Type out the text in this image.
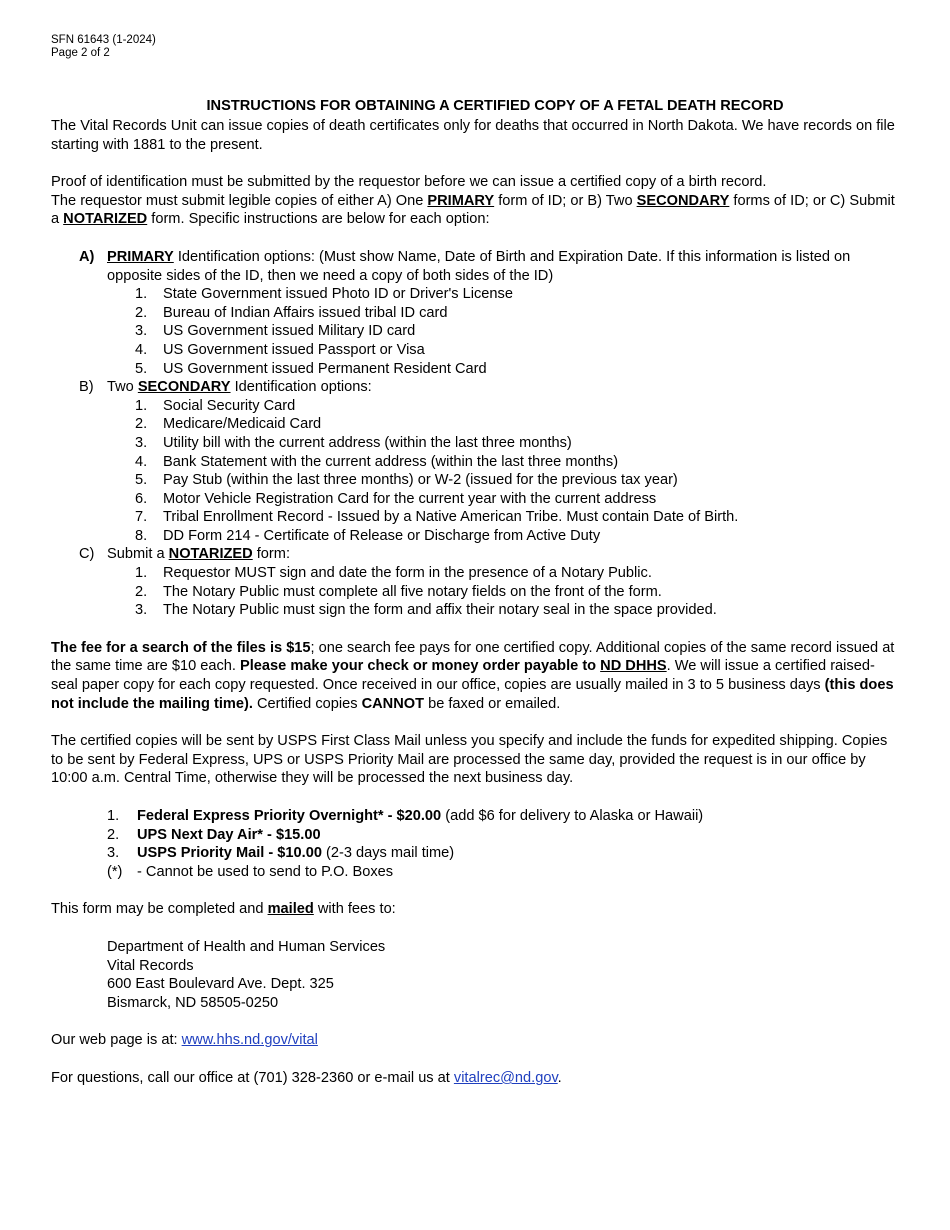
SFN 61643 (1-2024)
Page 2 of 2
INSTRUCTIONS FOR OBTAINING A CERTIFIED COPY OF A FETAL DEATH RECORD

The Vital Records Unit can issue copies of death certificates only for deaths that occurred in North Dakota. We have records on file starting with 1881 to the present.

Proof of identification must be submitted by the requestor before we can issue a certified copy of a birth record.

The requestor must submit legible copies of either A) One PRIMARY form of ID; or B) Two SECONDARY forms of ID; or C) Submit a NOTARIZED form. Specific instructions are below for each option:

A) PRIMARY Identification options: (Must show Name, Date of Birth and Expiration Date. If this information is listed on opposite sides of the ID, then we need a copy of both sides of the ID)
1.	State Government issued Photo ID or Driver's License
2.	Bureau of Indian Affairs issued tribal ID card
3.	US Government issued Military ID card
4.	US Government issued Passport or Visa
5.	US Government issued Permanent Resident Card
B) Two SECONDARY Identification options:
1.	Social Security Card
2.	Medicare/Medicaid Card
3.	Utility bill with the current address (within the last three months)
4.	Bank Statement with the current address (within the last three months)
5.	Pay Stub (within the last three months) or W-2 (issued for the previous tax year)
6.	Motor Vehicle Registration Card for the current year with the current address
7.	Tribal Enrollment Record - Issued by a Native American Tribe. Must contain Date of Birth.
8.	DD Form 214 - Certificate of Release or Discharge from Active Duty
C) Submit a NOTARIZED form:
1.	Requestor MUST sign and date the form in the presence of a Notary Public.
2.	The Notary Public must complete all five notary fields on the front of the form.
3.	The Notary Public must sign the form and affix their notary seal in the space provided.

The fee for a search of the files is $15; one search fee pays for one certified copy. Additional copies of the same record issued at the same time are $10 each. Please make your check or money order payable to ND DHHS. We will issue a certified raised-seal paper copy for each copy requested. Once received in our office, copies are usually mailed in 3 to 5 business days (this does not include the mailing time). Certified copies CANNOT be faxed or emailed.

The certified copies will be sent by USPS First Class Mail unless you specify and include the funds for expedited shipping. Copies to be sent by Federal Express, UPS or USPS Priority Mail are processed the same day, provided the request is in our office by 10:00 a.m. Central Time, otherwise they will be processed the next business day.

1.	Federal Express Priority Overnight* - $20.00 (add $6 for delivery to Alaska or Hawaii)
2.	UPS Next Day Air* - $15.00
3.	USPS Priority Mail - $10.00 (2-3 days mail time)
(*) - Cannot be used to send to P.O. Boxes

This form may be completed and mailed with fees to:

Department of Health and Human Services
Vital Records
600 East Boulevard Ave. Dept. 325
Bismarck, ND 58505-0250

Our web page is at: www.hhs.nd.gov/vital

For questions, call our office at (701) 328-2360 or e-mail us at vitalrec@nd.gov.
